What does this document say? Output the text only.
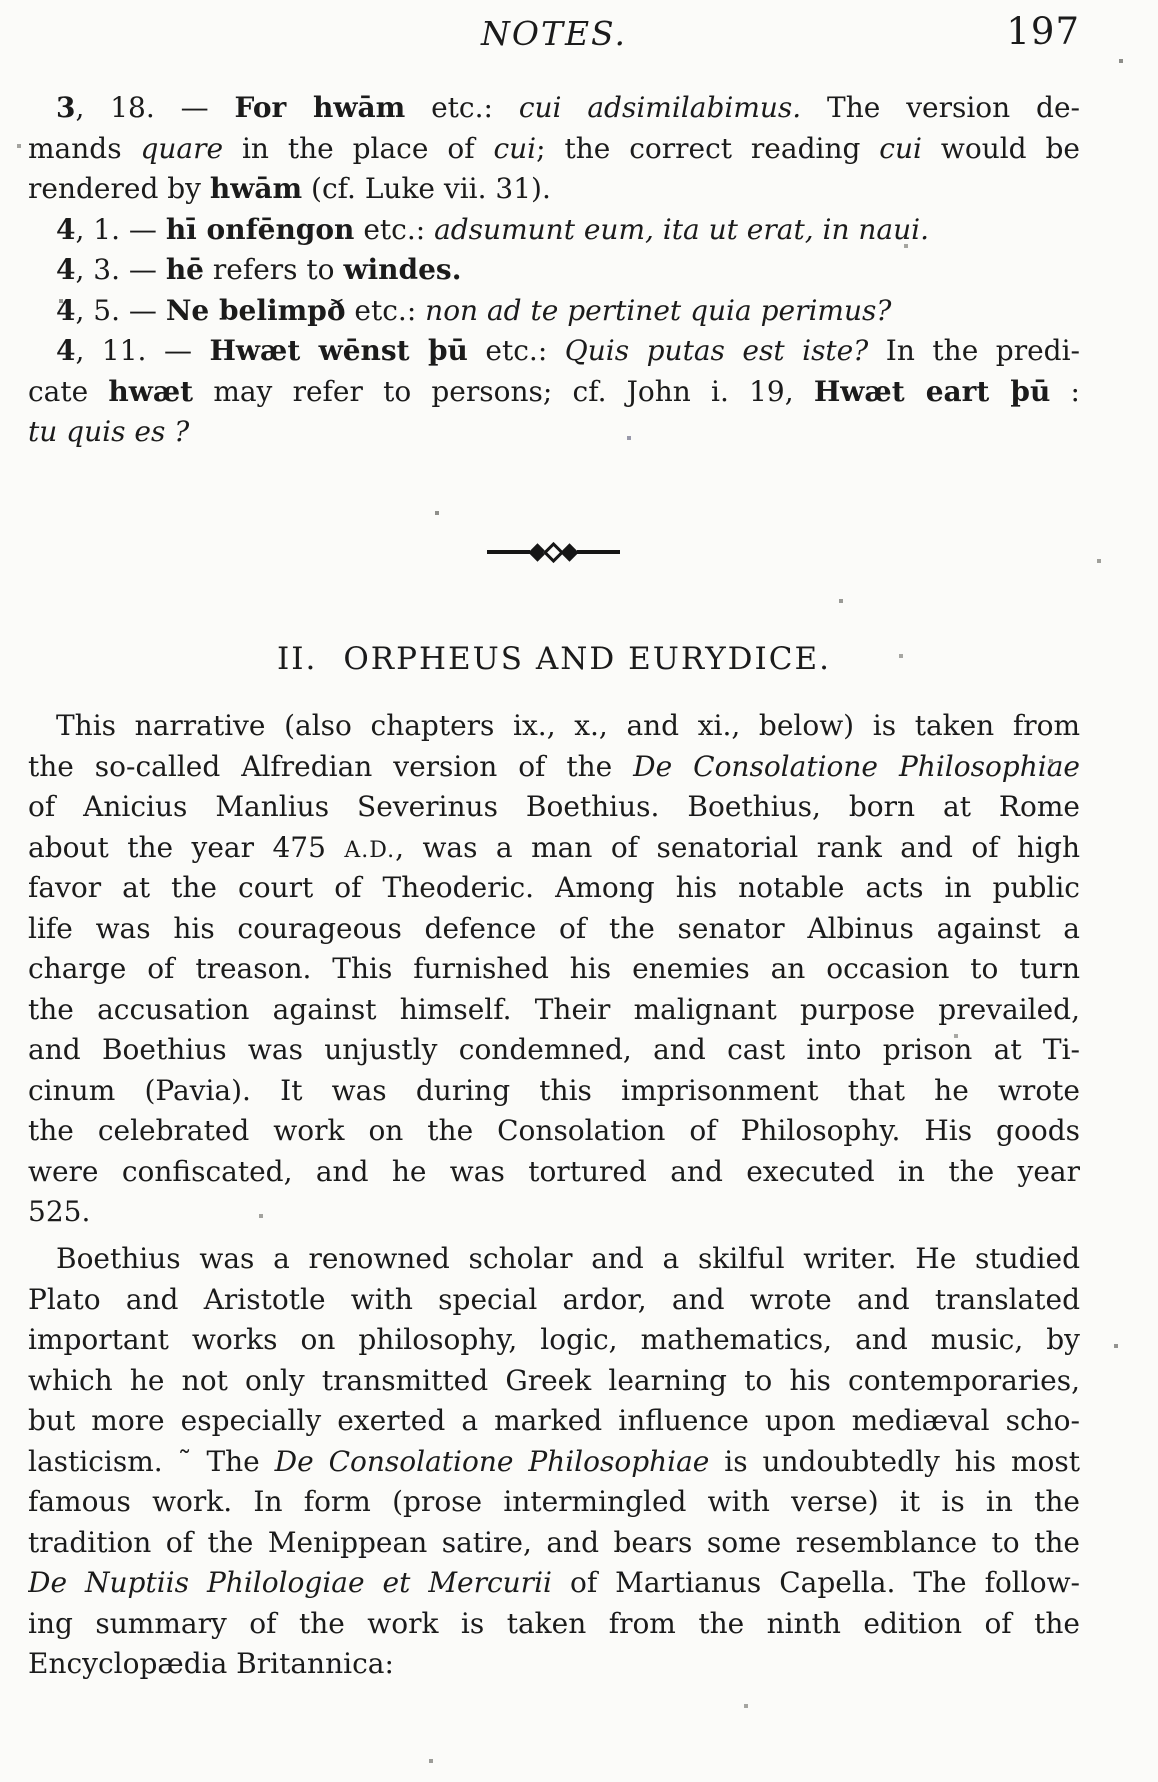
NOTES.	197
3, 18. — For hwām etc.: cui adsimilabimus. The version de-
mands quare in the place of cui; the correct reading cui would be
rendered by hwām (cf. Luke vii. 31).
4, 1. — hī onfēngon etc.: adsumunt eum, ita ut erat, in naui.
4, 3. — hē refers to windes.
4, 5. — Ne belimpð etc.: non ad te pertinet quia perimus?
4, 11. — Hwæt wēnst þū etc.: Quis putas est iste? In the predi-
cate hwæt may refer to persons; cf. John i. 19, Hwæt eart þū :
tu quis es ?
II. ORPHEUS AND EURYDICE.
This narrative (also chapters ix., x., and xi., below) is taken from
the so-called Alfredian version of the De Consolatione Philosophiae
of Anicius Manlius Severinus Boethius. Boethius, born at Rome
about the year 475 A.D., was a man of senatorial rank and of high
favor at the court of Theoderic. Among his notable acts in public
life was his courageous defence of the senator Albinus against a
charge of treason. This furnished his enemies an occasion to turn
the accusation against himself. Their malignant purpose prevailed,
and Boethius was unjustly condemned, and cast into prison at Ti-
cinum (Pavia). It was during this imprisonment that he wrote
the celebrated work on the Consolation of Philosophy. His goods
were confiscated, and he was tortured and executed in the year
525.
Boethius was a renowned scholar and a skilful writer. He studied
Plato and Aristotle with special ardor, and wrote and translated
important works on philosophy, logic, mathematics, and music, by
which he not only transmitted Greek learning to his contemporaries,
but more especially exerted a marked influence upon mediæval scho-
lasticism. ˜ The De Consolatione Philosophiae is undoubtedly his most
famous work. In form (prose intermingled with verse) it is in the
tradition of the Menippean satire, and bears some resemblance to the
De Nuptiis Philologiae et Mercurii of Martianus Capella. The follow-
ing summary of the work is taken from the ninth edition of the
Encyclopædia Britannica:
